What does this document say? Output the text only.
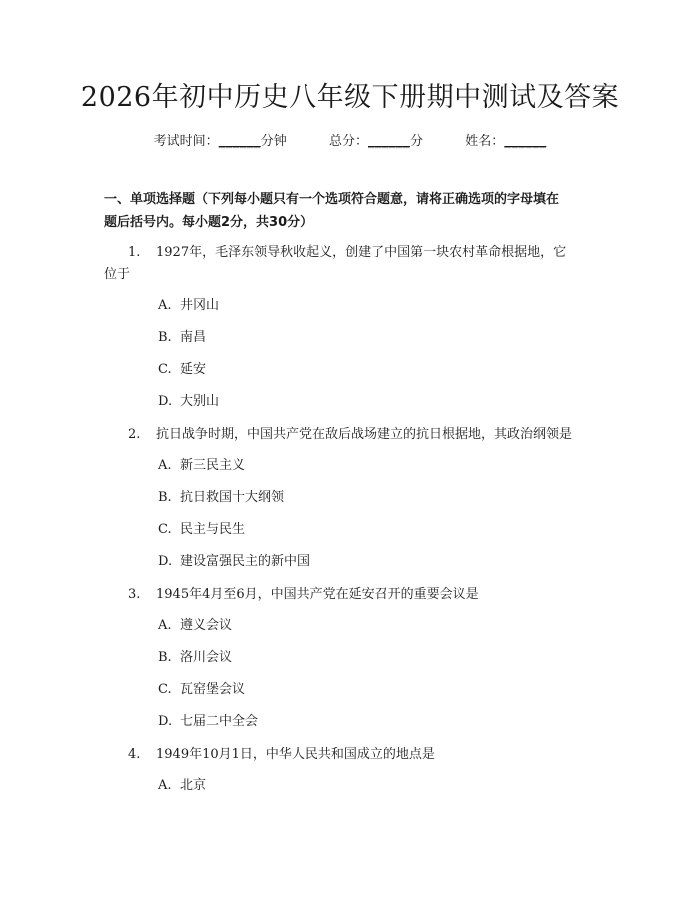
2026年初中历史八年级下册期中测试及答案
考试时间：______分钟	总分：______分	姓名：______
一、单项选择题（下列每小题只有一个选项符合题意，请将正确选项的字母填在
题后括号内。每小题2分，共30分）
1.	1927年，毛泽东领导秋收起义，创建了中国第一块农村革命根据地，它
位于
A. 井冈山
B. 南昌
C. 延安
D. 大别山
2.	抗日战争时期，中国共产党在敌后战场建立的抗日根据地，其政治纲领是
A. 新三民主义
B. 抗日救国十大纲领
C. 民主与民生
D. 建设富强民主的新中国
3.	1945年4月至6月，中国共产党在延安召开的重要会议是
A. 遵义会议
B. 洛川会议
C. 瓦窑堡会议
D. 七届二中全会
4.	1949年10月1日，中华人民共和国成立的地点是
A. 北京
